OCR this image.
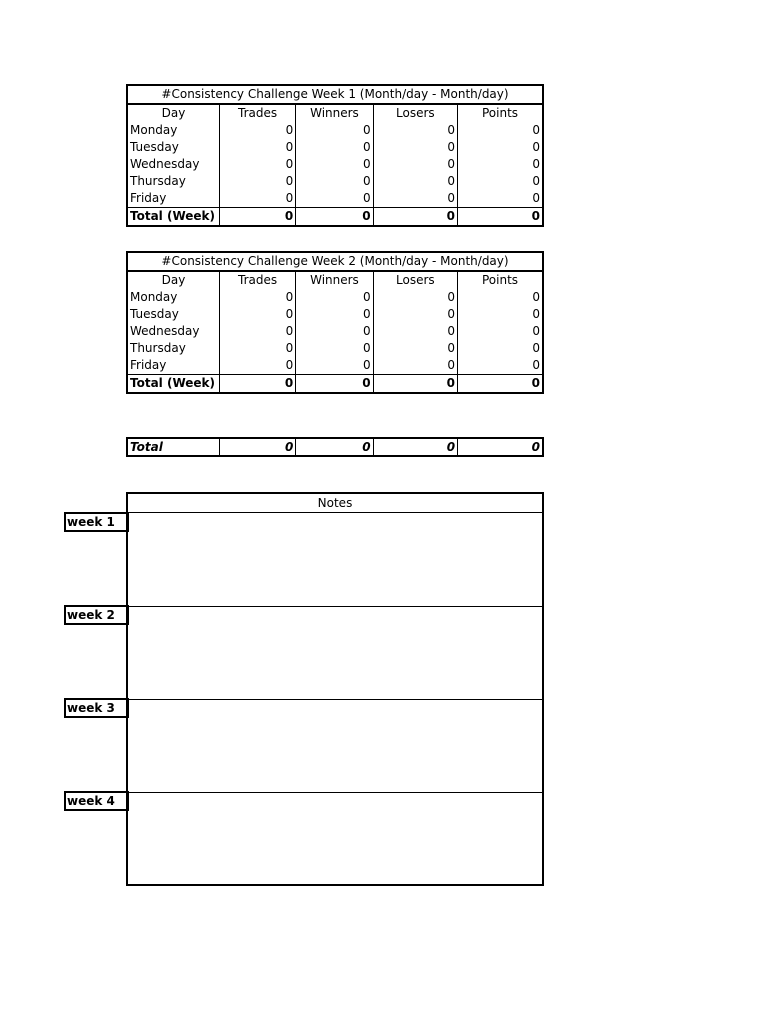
#Consistency Challenge Week 1 (Month/day - Month/day)				
Day	Trades	Winners	Losers	Points
Monday	0	0	0	0
Tuesday	0	0	0	0
Wednesday	0	0	0	0
Thursday	0	0	0	0
Friday	0	0	0	0
Total (Week)	0	0	0	0
#Consistency Challenge Week 2 (Month/day - Month/day)				
Day	Trades	Winners	Losers	Points
Monday	0	0	0	0
Tuesday	0	0	0	0
Wednesday	0	0	0	0
Thursday	0	0	0	0
Friday	0	0	0	0
Total (Week)	0	0	0	0
Total	0	0	0	0
Notes
week 1
week 2
week 3
week 4
